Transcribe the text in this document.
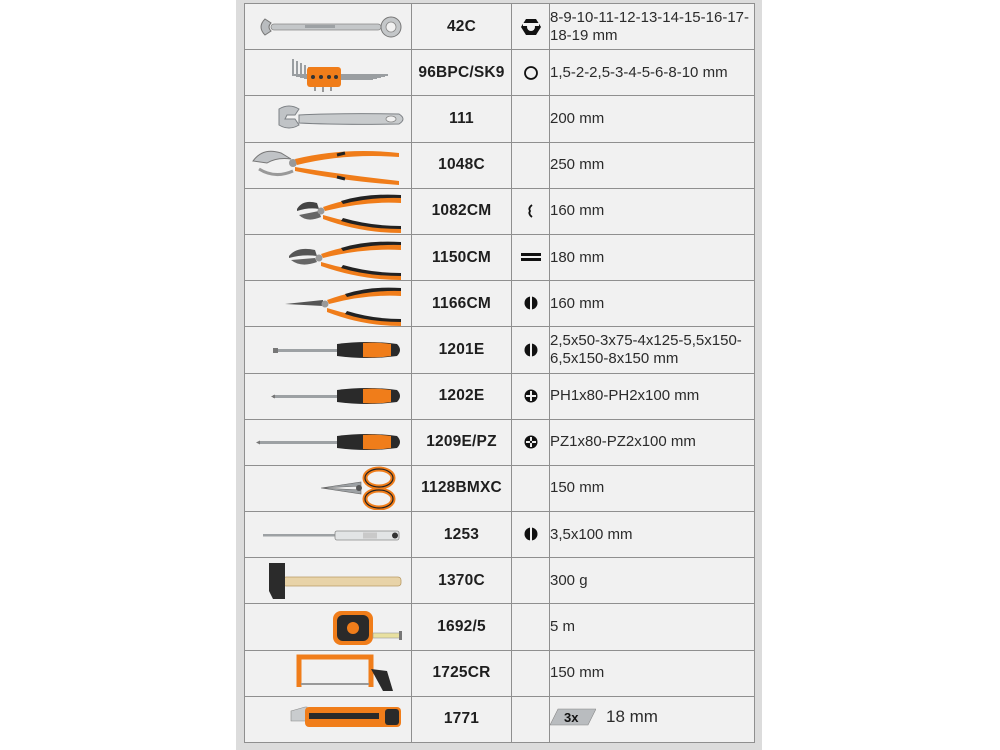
	42C		8-9-10-11-12-13-14-15-16-17-18-19 mm

	96BPC/SK9		1,5-2-2,5-3-4-5-6-8-10 mm

	111		200 mm

	1048C		250 mm

	1082CM		160 mm

	1150CM		180 mm

	1166CM		160 mm

	1201E		2,5x50-3x75-4x125-5,5x150-6,5x150-8x150 mm

	1202E		PH1x80-PH2x100 mm

	1209E/PZ		PZ1x80-PZ2x100 mm

	1128BMXC		150 mm

	1253		3,5x100 mm

	1370C		300 g

	1692/5		5 m

	1725CR		150 mm

	1771		3x 18 mm
